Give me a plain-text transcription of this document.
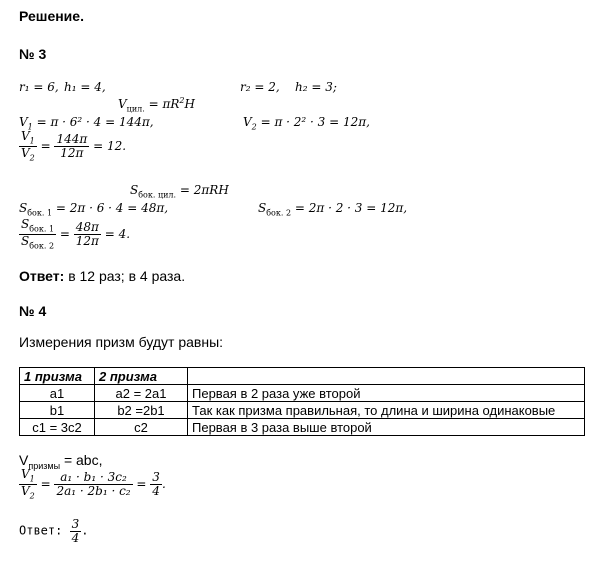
Решение.
№ 3
r₁ = 6, h₁ = 4,	r₂ = 2, h₂ = 3;
$V_{цил.} = \pi R^2H$
$V_1 = \pi \cdot 6^2 \cdot 4 = 144\pi$,	$V_2 = \pi \cdot 2^2 \cdot 3 = 12\pi$,
$\frac{V_1}{V_2} = \frac{144\pi}{12\pi} = 12$.
$S_{бок. цил.} = 2\pi RH$
$S_{бок. 1} = 2\pi \cdot 6 \cdot 4 = 48\pi$,	$S_{бок. 2} = 2\pi \cdot 2 \cdot 3 = 12\pi$,
$\frac{S_{бок. 1}}{S_{бок. 2}} = \frac{48\pi}{12\pi} = 4$.
Ответ: в 12 раз; в 4 раза.
№ 4
Измерения призм будут равны:
1 призма	2 призма	
a1	a2 = 2a1	Первая в 2 раза уже второй
b1	b2 =2b1	Так как призма правильная, то длина и ширина одинаковые
c1 = 3c2	c2	Первая в 3 раза выше второй
$V_{призмы}$ = abc,
$\frac{V_1}{V_2} = \frac{\text{a₁ · b₁ · 3c₂}}{\text{2a₁ · 2b₁ · c₂}} = \frac{3}{4}$ .
Ответ: $\frac{3}{4}$ .
